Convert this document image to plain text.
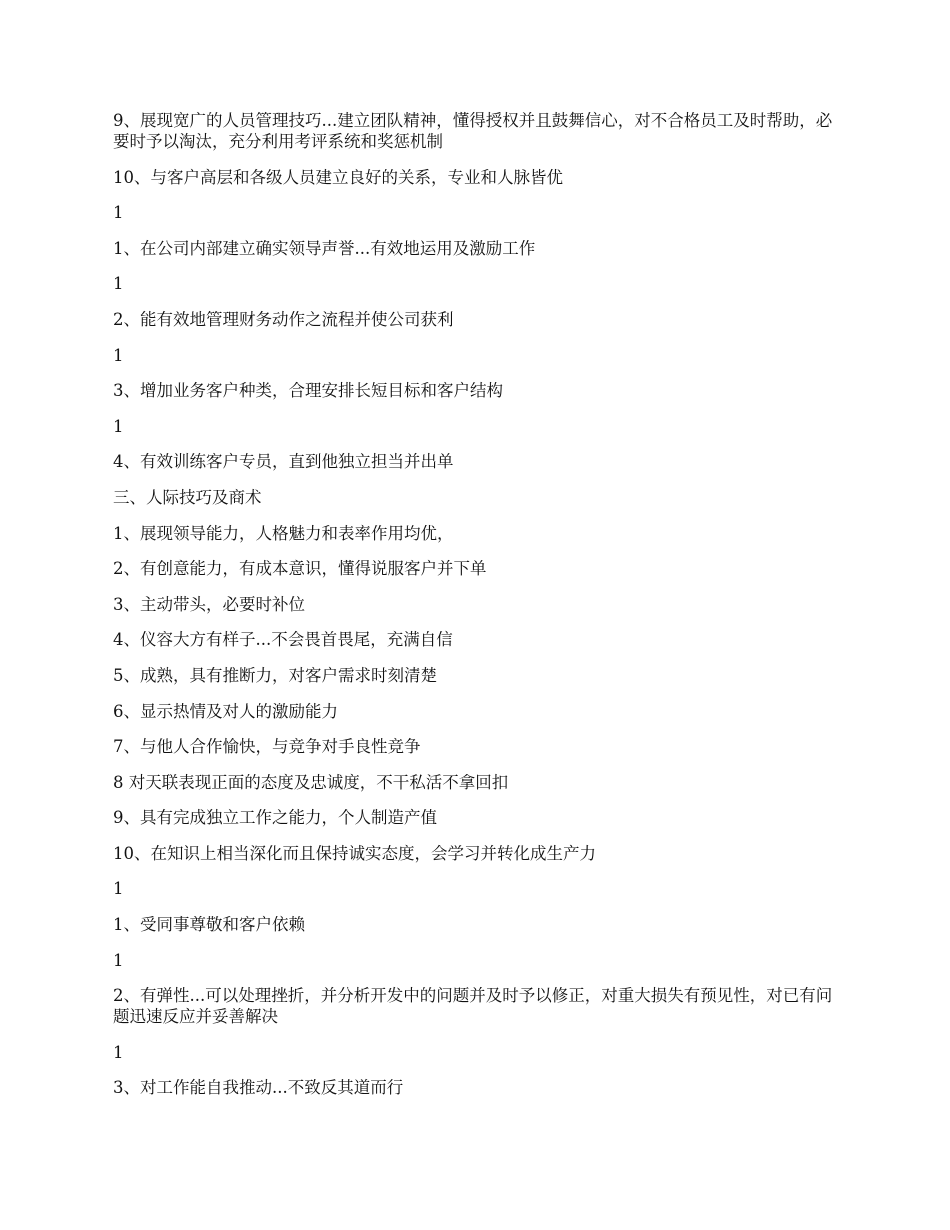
9、展现宽广的人员管理技巧...建立团队精神，懂得授权并且鼓舞信心，对不合格员工及时帮助，必要时予以淘汰，充分利用考评系统和奖惩机制

10、与客户高层和各级人员建立良好的关系，专业和人脉皆优

1

1、在公司内部建立确实领导声誉...有效地运用及激励工作

1

2、能有效地管理财务动作之流程并使公司获利

1

3、增加业务客户种类，合理安排长短目标和客户结构

1

4、有效训练客户专员，直到他独立担当并出单

三、人际技巧及商术

1、展现领导能力，人格魅力和表率作用均优，

2、有创意能力，有成本意识，懂得说服客户并下单

3、主动带头，必要时补位

4、仪容大方有样子...不会畏首畏尾，充满自信

5、成熟，具有推断力，对客户需求时刻清楚

6、显示热情及对人的激励能力

7、与他人合作愉快，与竞争对手良性竞争

8 对天联表现正面的态度及忠诚度，不干私活不拿回扣

9、具有完成独立工作之能力，个人制造产值

10、在知识上相当深化而且保持诚实态度，会学习并转化成生产力

1

1、受同事尊敬和客户依赖

1

2、有弹性...可以处理挫折，并分析开发中的问题并及时予以修正，对重大损失有预见性，对已有问题迅速反应并妥善解决

1

3、对工作能自我推动...不致反其道而行
